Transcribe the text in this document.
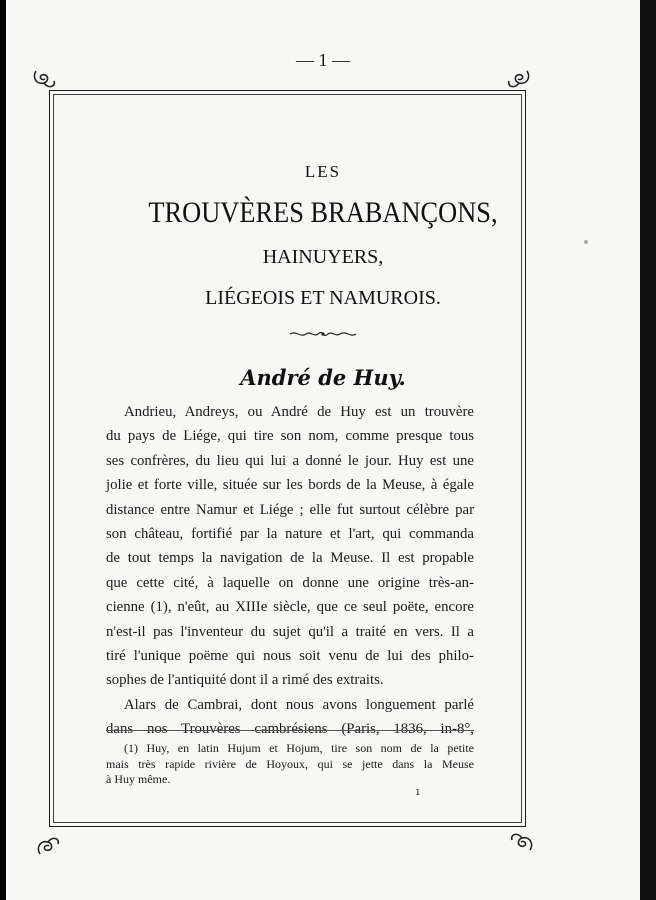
— 1 —
LES
TROUVÈRES BRABANÇONS,
HAINUYERS,
LIÉGEOIS ET NAMUROIS.
André de Huy.
Andrieu, Andreys, ou André de Huy est un trouvère
du pays de Liége, qui tire son nom, comme presque tous
ses confrères, du lieu qui lui a donné le jour. Huy est une
jolie et forte ville, située sur les bords de la Meuse, à égale
distance entre Namur et Liége ; elle fut surtout célèbre par
son château, fortifié par la nature et l'art, qui commanda
de tout temps la navigation de la Meuse. Il est propable
que cette cité, à laquelle on donne une origine très-an-
cienne (1), n'eût, au XIIIe siècle, que ce seul poëte, encore
n'est-il pas l'inventeur du sujet qu'il a traité en vers. Il a
tiré l'unique poëme qui nous soit venu de lui des philo-
sophes de l'antiquité dont il a rimé des extraits.
Alars de Cambrai, dont nous avons longuement parlé
dans nos Trouvères cambrésiens (Paris, 1836, in-8°,
(1) Huy, en latin Hujum et Hojum, tire son nom de la petite
mais très rapide rivière de Hoyoux, qui se jette dans la Meuse
à Huy même.
ı
